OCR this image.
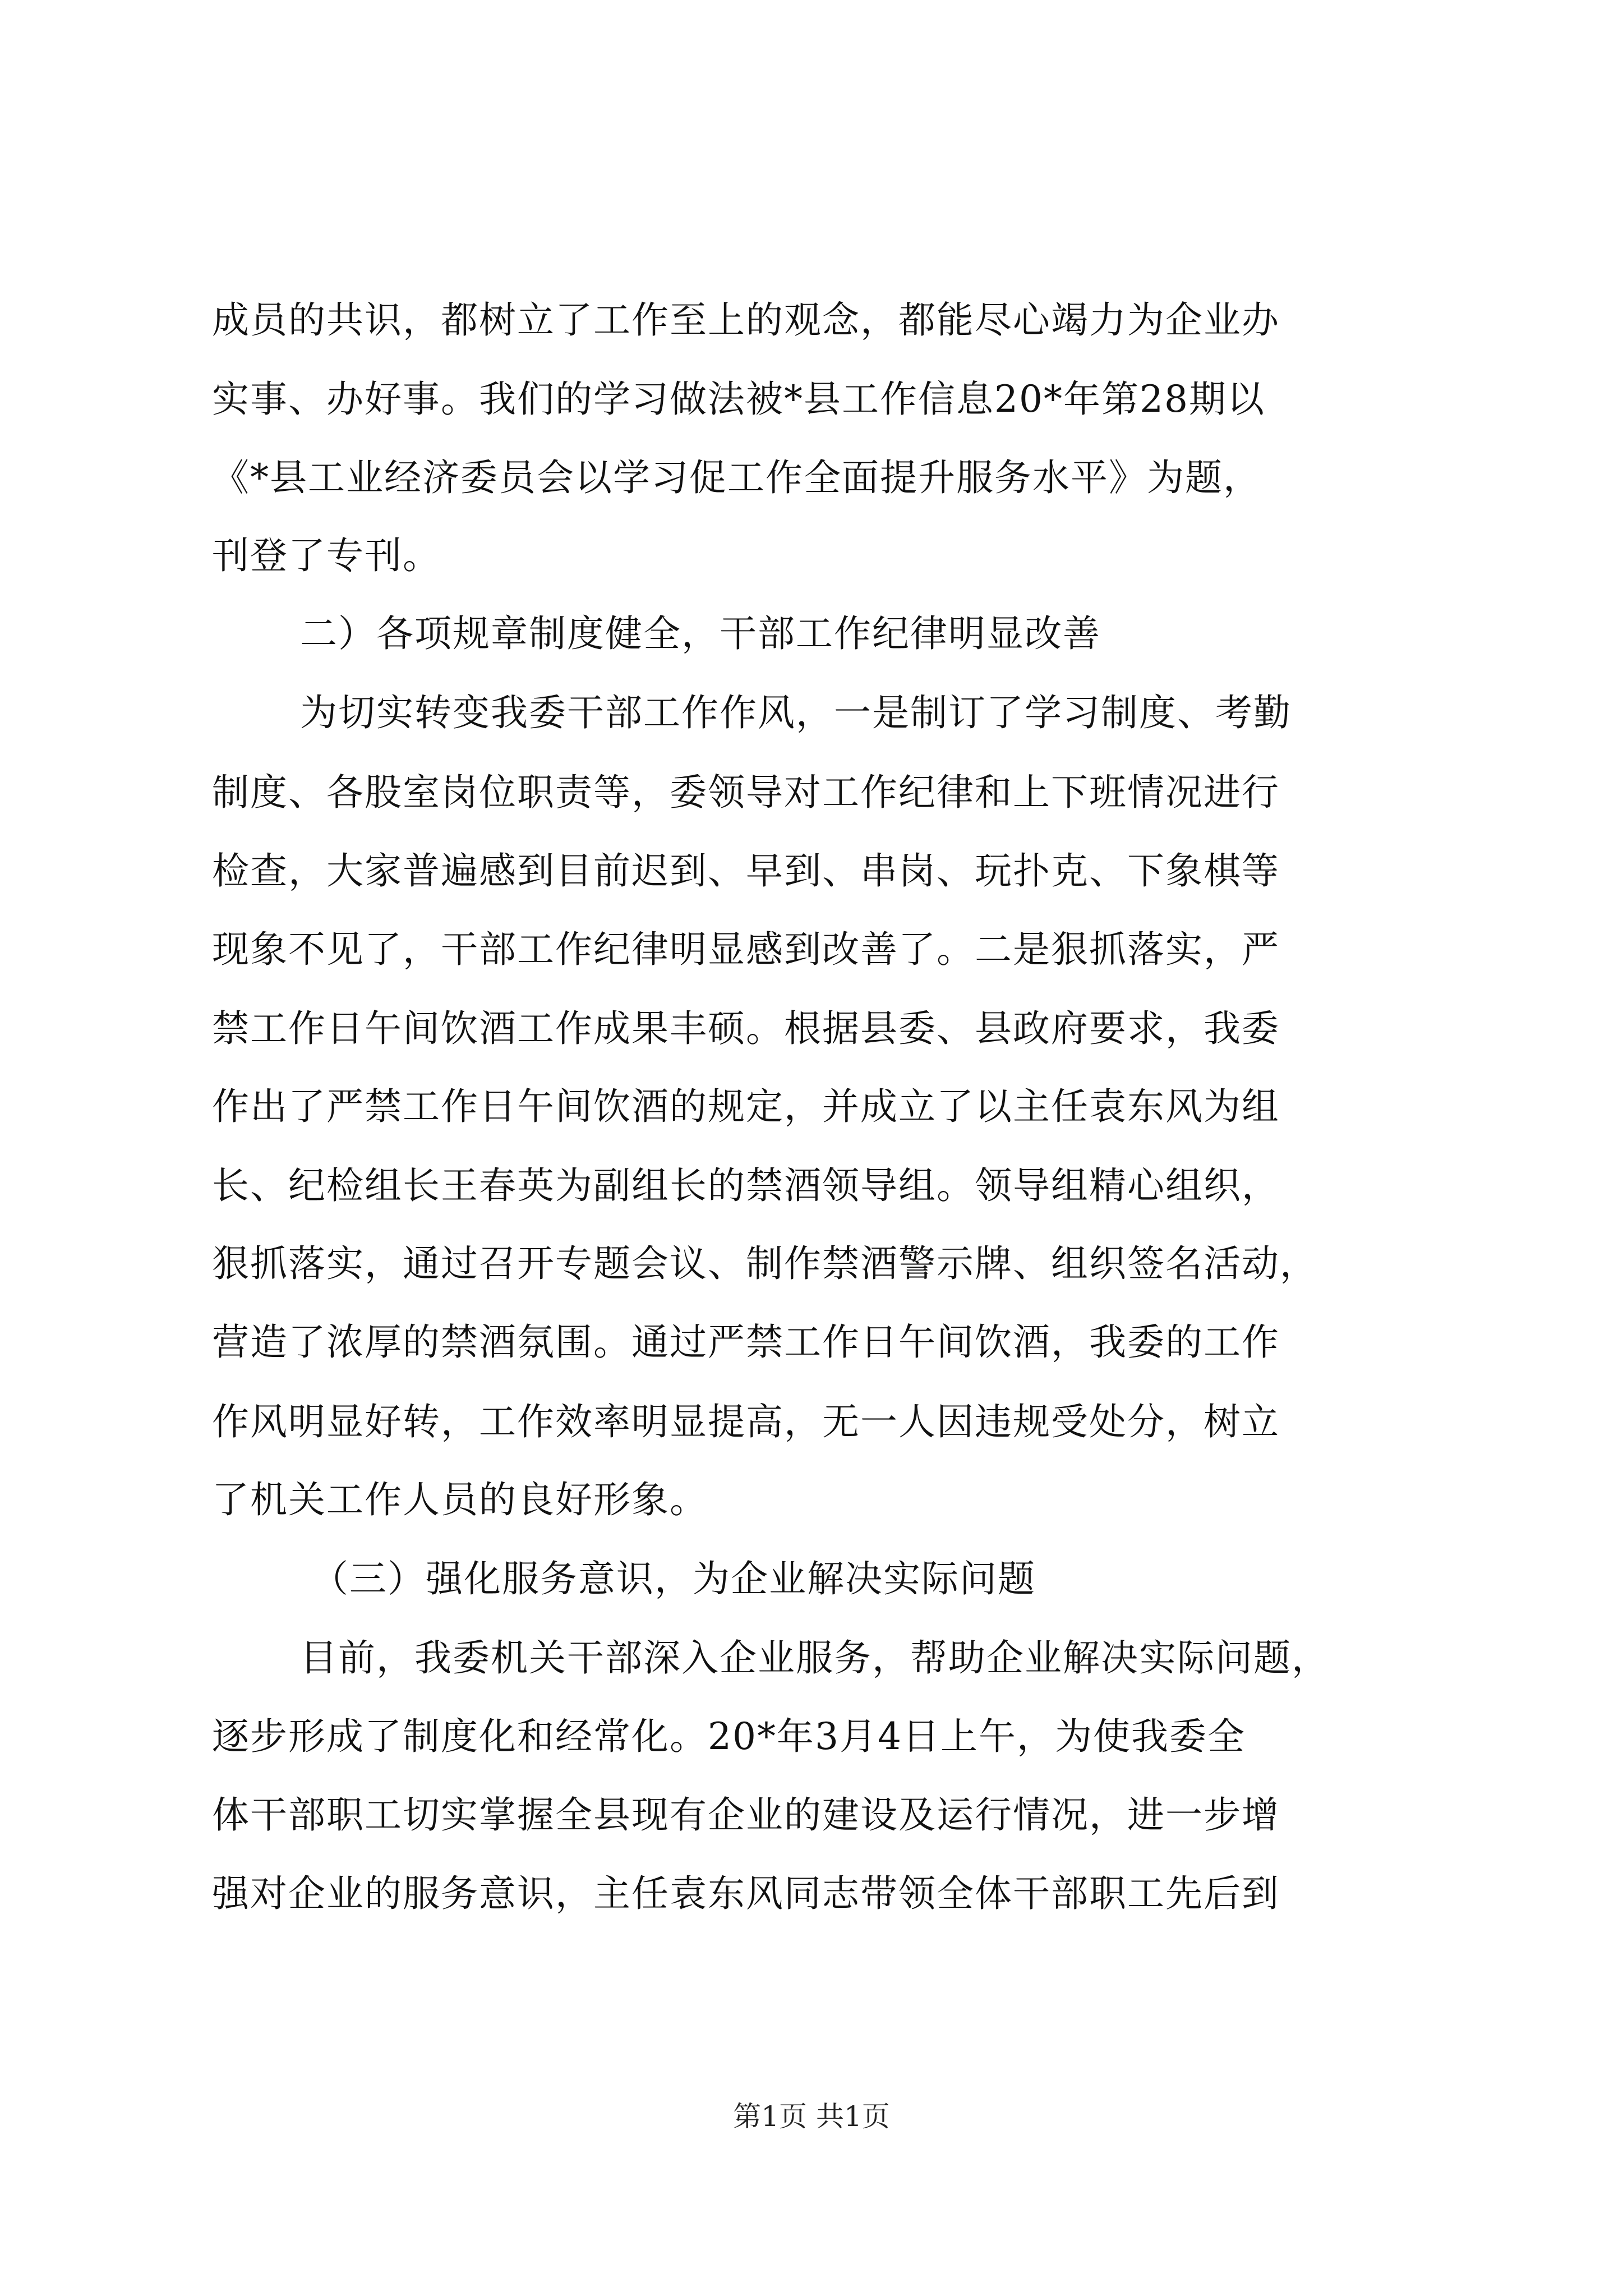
成员的共识，都树立了工作至上的观念，都能尽心竭力为企业办
实事、办好事。我们的学习做法被*县工作信息20*年第28期以
《*县工业经济委员会以学习促工作全面提升服务水平》为题，
刊登了专刊。
二）各项规章制度健全，干部工作纪律明显改善
为切实转变我委干部工作作风，一是制订了学习制度、考勤
制度、各股室岗位职责等，委领导对工作纪律和上下班情况进行
检查，大家普遍感到目前迟到、早到、串岗、玩扑克、下象棋等
现象不见了，干部工作纪律明显感到改善了。二是狠抓落实，严
禁工作日午间饮酒工作成果丰硕。根据县委、县政府要求，我委
作出了严禁工作日午间饮酒的规定，并成立了以主任袁东风为组
长、纪检组长王春英为副组长的禁酒领导组。领导组精心组织，
狠抓落实，通过召开专题会议、制作禁酒警示牌、组织签名活动，
营造了浓厚的禁酒氛围。通过严禁工作日午间饮酒，我委的工作
作风明显好转，工作效率明显提高，无一人因违规受处分，树立
了机关工作人员的良好形象。
（三）强化服务意识，为企业解决实际问题
目前，我委机关干部深入企业服务，帮助企业解决实际问题，
逐步形成了制度化和经常化。20*年3月4日上午，为使我委全
体干部职工切实掌握全县现有企业的建设及运行情况，进一步增
强对企业的服务意识，主任袁东风同志带领全体干部职工先后到
第1页 共1页
